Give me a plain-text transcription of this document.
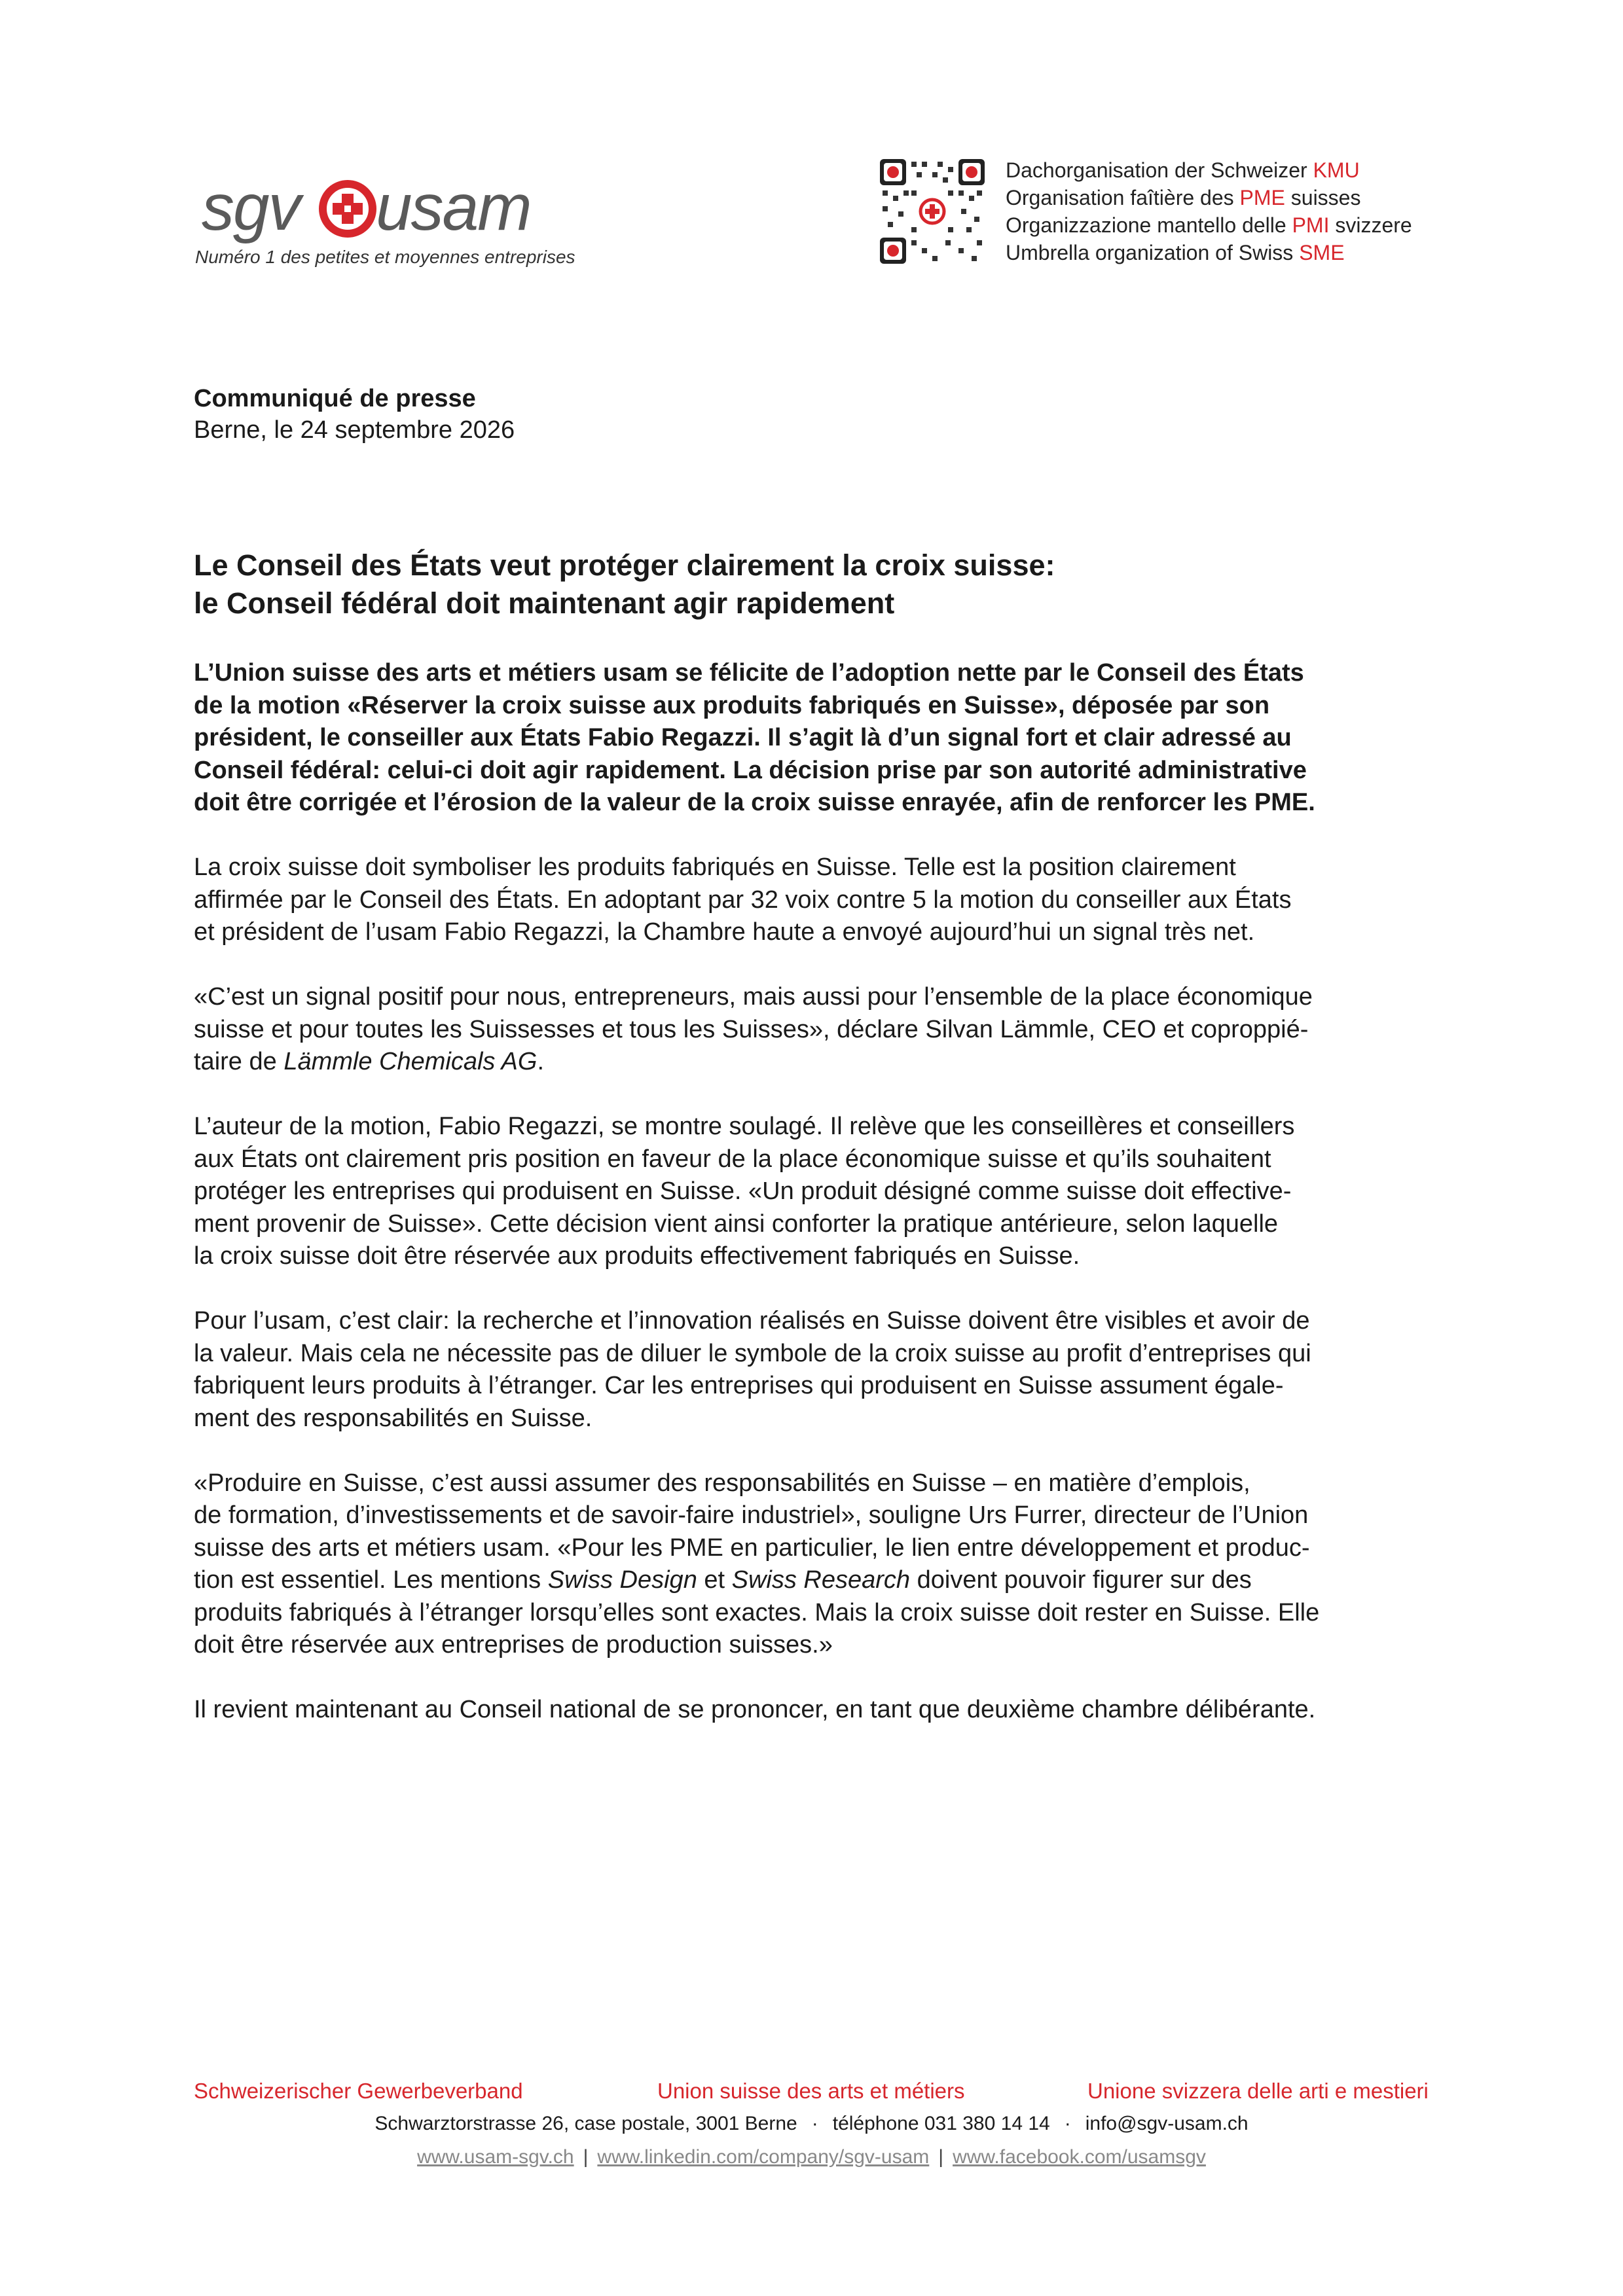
sgv usam
Numéro 1 des petites et moyennes entreprises
Dachorganisation der Schweizer KMU
Organisation faîtière des PME suisses
Organizzazione mantello delle PMI svizzere
Umbrella organization of Swiss SME
Communiqué de presse
Berne, le 24 septembre 2026
Le Conseil des États veut protéger clairement la croix suisse:
le Conseil fédéral doit maintenant agir rapidement

L’Union suisse des arts et métiers usam se félicite de l’adoption nette par le Conseil des États
de la motion «Réserver la croix suisse aux produits fabriqués en Suisse», déposée par son
président, le conseiller aux États Fabio Regazzi. Il s’agit là d’un signal fort et clair adressé au
Conseil fédéral: celui-ci doit agir rapidement. La décision prise par son autorité administrative
doit être corrigée et l’érosion de la valeur de la croix suisse enrayée, afin de renforcer les PME.

La croix suisse doit symboliser les produits fabriqués en Suisse. Telle est la position clairement
affirmée par le Conseil des États. En adoptant par 32 voix contre 5 la motion du conseiller aux États
et président de l’usam Fabio Regazzi, la Chambre haute a envoyé aujourd’hui un signal très net.

«C’est un signal positif pour nous, entrepreneurs, mais aussi pour l’ensemble de la place économique
suisse et pour toutes les Suissesses et tous les Suisses», déclare Silvan Lämmle, CEO et copropрié-
taire de Lämmle Chemicals AG.

L’auteur de la motion, Fabio Regazzi, se montre soulagé. Il relève que les conseillères et conseillers
aux États ont clairement pris position en faveur de la place économique suisse et qu’ils souhaitent
protéger les entreprises qui produisent en Suisse. «Un produit désigné comme suisse doit effective-
ment provenir de Suisse». Cette décision vient ainsi conforter la pratique antérieure, selon laquelle
la croix suisse doit être réservée aux produits effectivement fabriqués en Suisse.

Pour l’usam, c’est clair: la recherche et l’innovation réalisés en Suisse doivent être visibles et avoir de
la valeur. Mais cela ne nécessite pas de diluer le symbole de la croix suisse au profit d’entreprises qui
fabriquent leurs produits à l’étranger. Car les entreprises qui produisent en Suisse assument égale-
ment des responsabilités en Suisse.

«Produire en Suisse, c’est aussi assumer des responsabilités en Suisse – en matière d’emplois,
de formation, d’investissements et de savoir-faire industriel», souligne Urs Furrer, directeur de l’Union
suisse des arts et métiers usam. «Pour les PME en particulier, le lien entre développement et produc-
tion est essentiel. Les mentions Swiss Design et Swiss Research doivent pouvoir figurer sur des
produits fabriqués à l’étranger lorsqu’elles sont exactes. Mais la croix suisse doit rester en Suisse. Elle
doit être réservée aux entreprises de production suisses.»

Il revient maintenant au Conseil national de se prononcer, en tant que deuxième chambre délibérante.

Schweizerischer Gewerbeverband	Union suisse des arts et métiers	Unione svizzera delle arti e mestieri
Schwarztorstrasse 26, case postale, 3001 Berne · téléphone 031 380 14 14 · info@sgv-usam.ch
www.usam-sgv.ch | www.linkedin.com/company/sgv-usam | www.facebook.com/usamsgv
